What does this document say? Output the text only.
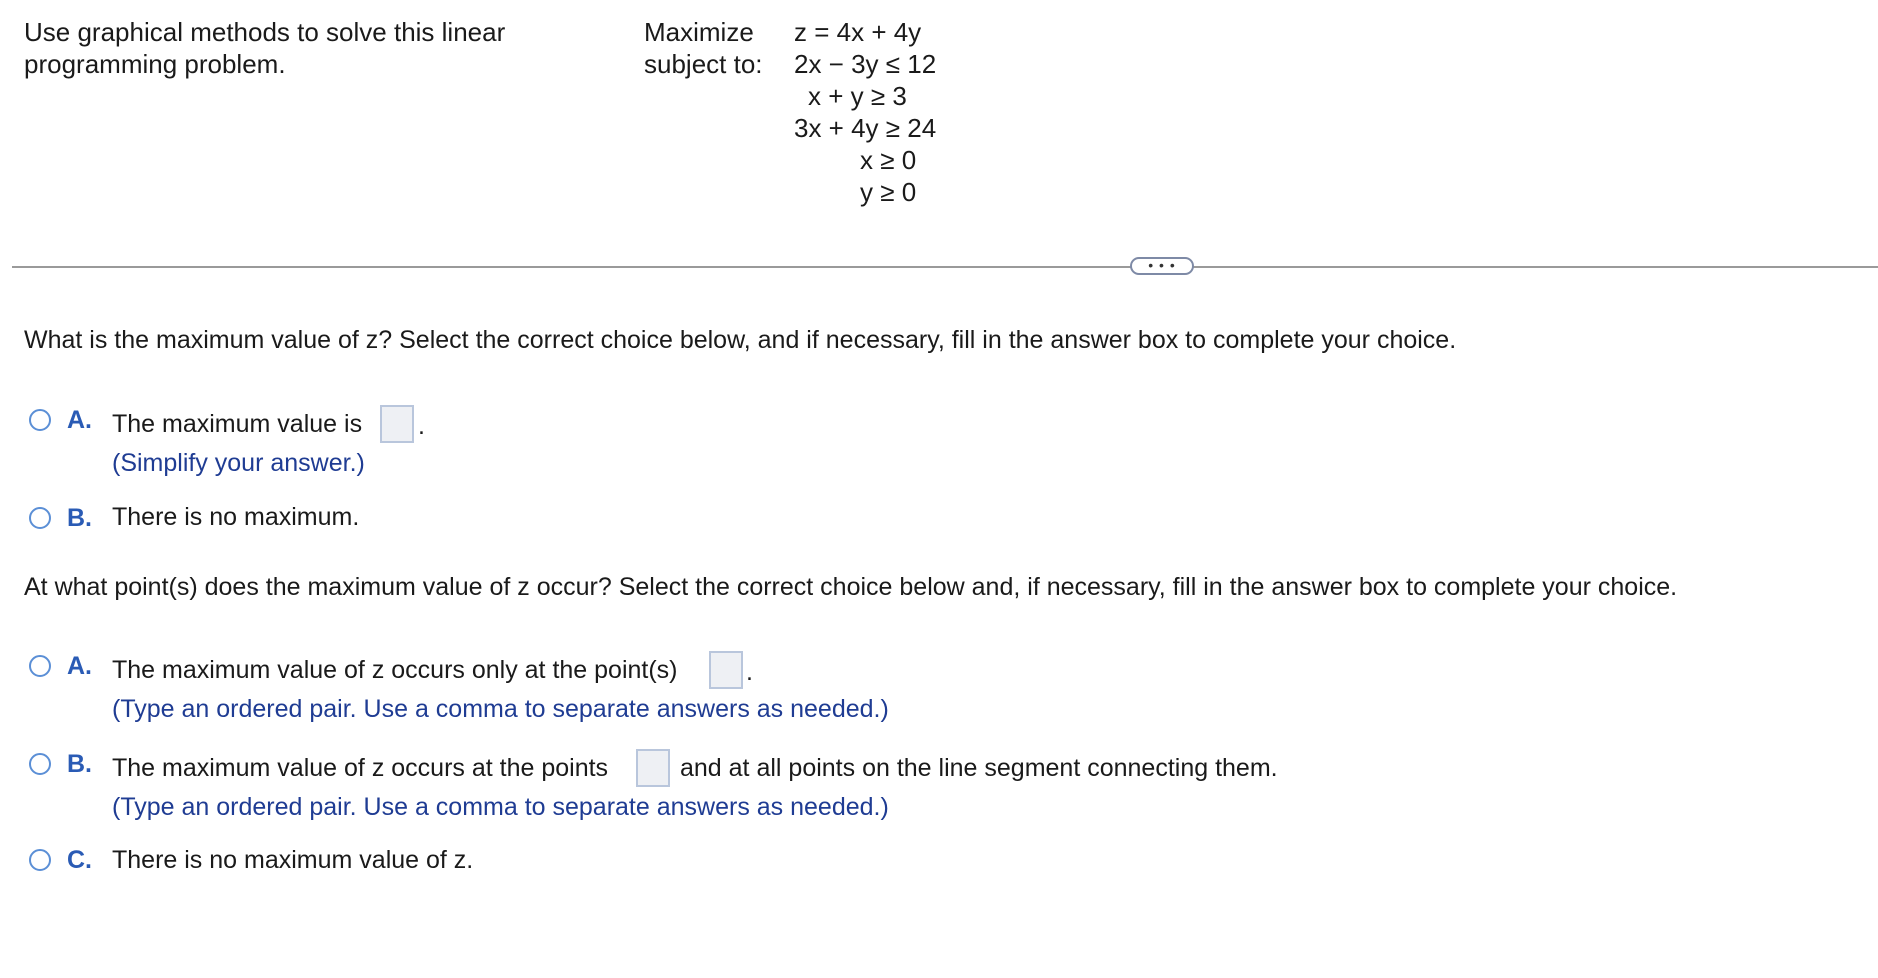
Use graphical methods to solve this linear programming problem.
Maximize
subject to:
z = 4x + 4y
2x − 3y ≤ 12
x + y ≥ 3
3x + 4y ≥ 24
x ≥ 0
y ≥ 0
• • •
What is the maximum value of z? Select the correct choice below, and if necessary, fill in the answer box to complete your choice.
A. The maximum value is .
(Simplify your answer.)
B. There is no maximum.
At what point(s) does the maximum value of z occur? Select the correct choice below and, if necessary, fill in the answer box to complete your choice.
A. The maximum value of z occurs only at the point(s)	.
(Type an ordered pair. Use a comma to separate answers as needed.)
B. The maximum value of z occurs at the points	and at all points on the line segment connecting them.
(Type an ordered pair. Use a comma to separate answers as needed.)
C. There is no maximum value of z.
